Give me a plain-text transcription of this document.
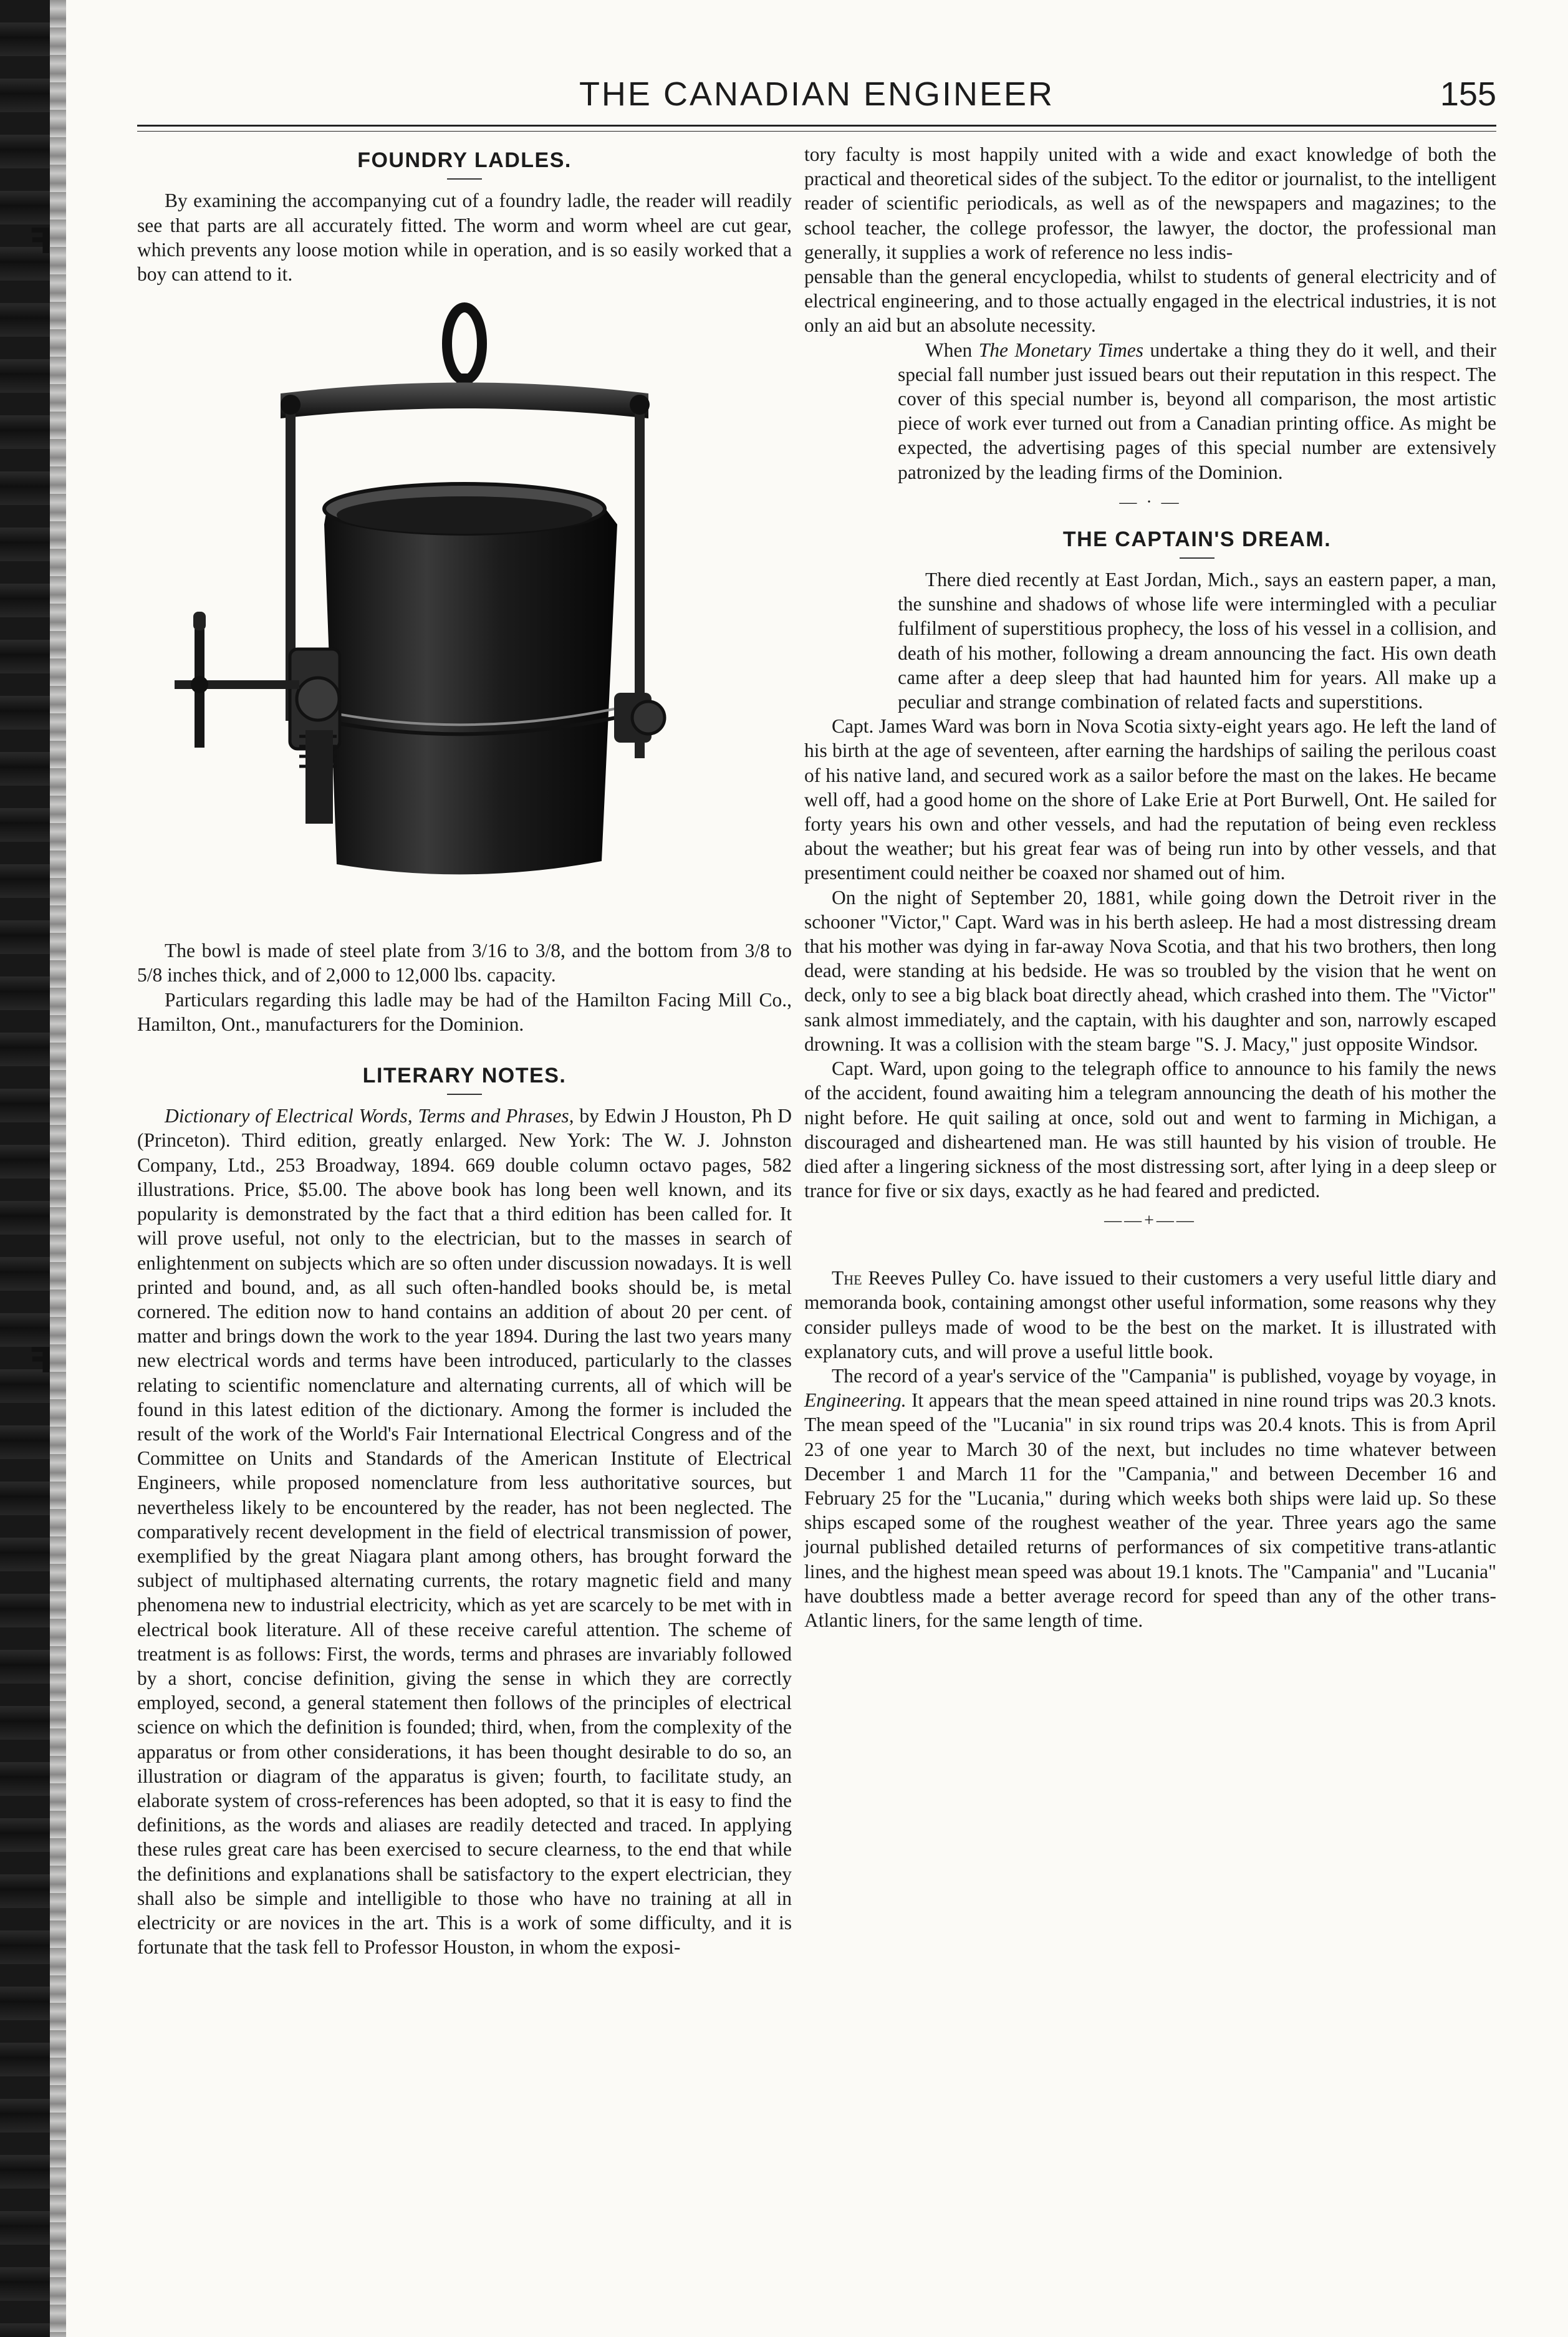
ꟻ
ꟻ
THE CANADIAN ENGINEER	155
FOUNDRY LADLES.

By examining the accompanying cut of a foundry ladle, the reader will readily see that parts are all accurately fitted. The worm and worm wheel are cut gear, which prevents any loose motion while in operation, and is so easily worked that a boy can attend to it.

The bowl is made of steel plate from 3/16 to 3/8, and the bottom from 3/8 to 5/8 inches thick, and of 2,000 to 12,000 lbs. capacity.

Particulars regarding this ladle may be had of the Hamilton Facing Mill Co., Hamilton, Ont., manufacturers for the Dominion.

LITERARY NOTES.

Dictionary of Electrical Words, Terms and Phrases, by Edwin J Houston, Ph D (Princeton). Third edition, greatly enlarged. New York: The W. J. Johnston Company, Ltd., 253 Broadway, 1894. 669 double column octavo pages, 582 illustrations. Price, $5.00. The above book has long been well known, and its popularity is demonstrated by the fact that a third edition has been called for. It will prove useful, not only to the electrician, but to the masses in search of enlightenment on subjects which are so often under discussion nowadays. It is well printed and bound, and, as all such often-handled books should be, is metal cornered. The edition now to hand contains an addition of about 20 per cent. of matter and brings down the work to the year 1894. During the last two years many new electrical words and terms have been introduced, particularly to the classes relating to scientific nomenclature and alternating currents, all of which will be found in this latest edition of the dictionary. Among the former is included the result of the work of the World's Fair International Electrical Congress and of the Committee on Units and Standards of the American Institute of Electrical Engineers, while proposed nomenclature from less authoritative sources, but nevertheless likely to be encountered by the reader, has not been neglected. The comparatively recent development in the field of electrical transmission of power, exemplified by the great Niagara plant among others, has brought forward the subject of multiphased alternating currents, the rotary magnetic field and many phenomena new to industrial electricity, which as yet are scarcely to be met with in electrical book literature. All of these receive careful attention. The scheme of treatment is as follows: First, the words, terms and phrases are invariably followed by a short, concise definition, giving the sense in which they are correctly employed, second, a general statement then follows of the principles of electrical science on which the definition is founded; third, when, from the complexity of the apparatus or from other considerations, it has been thought desirable to do so, an illustration or diagram of the apparatus is given; fourth, to facilitate study, an elaborate system of cross-references has been adopted, so that it is easy to find the definitions, as the words and aliases are readily detected and traced. In applying these rules great care has been exercised to secure clearness, to the end that while the definitions and explanations shall be satisfactory to the expert electrician, they shall also be simple and intelligible to those who have no training at all in electricity or are novices in the art. This is a work of some difficulty, and it is fortunate that the task fell to Professor Houston, in whom the exposi-

tory faculty is most happily united with a wide and exact knowledge of both the practical and theoretical sides of the subject. To the editor or journalist, to the intelligent reader of scientific periodicals, as well as of the newspapers and magazines; to the school teacher, the college professor, the lawyer, the doctor, the professional man generally, it supplies a work of reference no less indis-

pensable than the general encyclopedia, whilst to students of general electricity and of electrical engineering, and to those actually engaged in the electrical industries, it is not only an aid but an absolute necessity.

When The Monetary Times undertake a thing they do it well, and their special fall number just issued bears out their reputation in this respect. The cover of this special number is, beyond all comparison, the most artistic piece of work ever turned out from a Canadian printing office. As might be expected, the advertising pages of this special number are extensively patronized by the leading firms of the Dominion.

— · —
THE CAPTAIN'S DREAM.

There died recently at East Jordan, Mich., says an eastern paper, a man, the sunshine and shadows of whose life were intermingled with a peculiar fulfilment of superstitious prophecy, the loss of his vessel in a collision, and death of his mother, following a dream announcing the fact. His own death came after a deep sleep that had haunted him for years. All make up a peculiar and strange combination of related facts and superstitions.

Capt. James Ward was born in Nova Scotia sixty-eight years ago. He left the land of his birth at the age of seventeen, after earning the hardships of sailing the perilous coast of his native land, and secured work as a sailor before the mast on the lakes. He became well off, had a good home on the shore of Lake Erie at Port Burwell, Ont. He sailed for forty years his own and other vessels, and had the reputation of being even reckless about the weather; but his great fear was of being run into by other vessels, and that presentiment could neither be coaxed nor shamed out of him.

On the night of September 20, 1881, while going down the Detroit river in the schooner "Victor," Capt. Ward was in his berth asleep. He had a most distressing dream that his mother was dying in far-away Nova Scotia, and that his two brothers, then long dead, were standing at his bedside. He was so troubled by the vision that he went on deck, only to see a big black boat directly ahead, which crashed into them. The "Victor" sank almost immediately, and the captain, with his daughter and son, narrowly escaped drowning. It was a collision with the steam barge "S. J. Macy," just opposite Windsor.

Capt. Ward, upon going to the telegraph office to announce to his family the news of the accident, found awaiting him a telegram announcing the death of his mother the night before. He quit sailing at once, sold out and went to farming in Michigan, a discouraged and disheartened man. He was still haunted by his vision of trouble. He died after a lingering sickness of the most distressing sort, after lying in a deep sleep or trance for five or six days, exactly as he had feared and predicted.

——+——

The Reeves Pulley Co. have issued to their customers a very useful little diary and memoranda book, containing amongst other useful information, some reasons why they consider pulleys made of wood to be the best on the market. It is illustrated with explanatory cuts, and will prove a useful little book.

The record of a year's service of the "Campania" is published, voyage by voyage, in Engineering. It appears that the mean speed attained in nine round trips was 20.3 knots. The mean speed of the "Lucania" in six round trips was 20.4 knots. This is from April 23 of one year to March 30 of the next, but includes no time whatever between December 1 and March 11 for the "Campania," and between December 16 and February 25 for the "Lucania," during which weeks both ships were laid up. So these ships escaped some of the roughest weather of the year. Three years ago the same journal published detailed returns of performances of six competitive trans-atlantic lines, and the highest mean speed was about 19.1 knots. The "Campania" and "Lucania" have doubtless made a better average record for speed than any of the other trans-Atlantic liners, for the same length of time.
